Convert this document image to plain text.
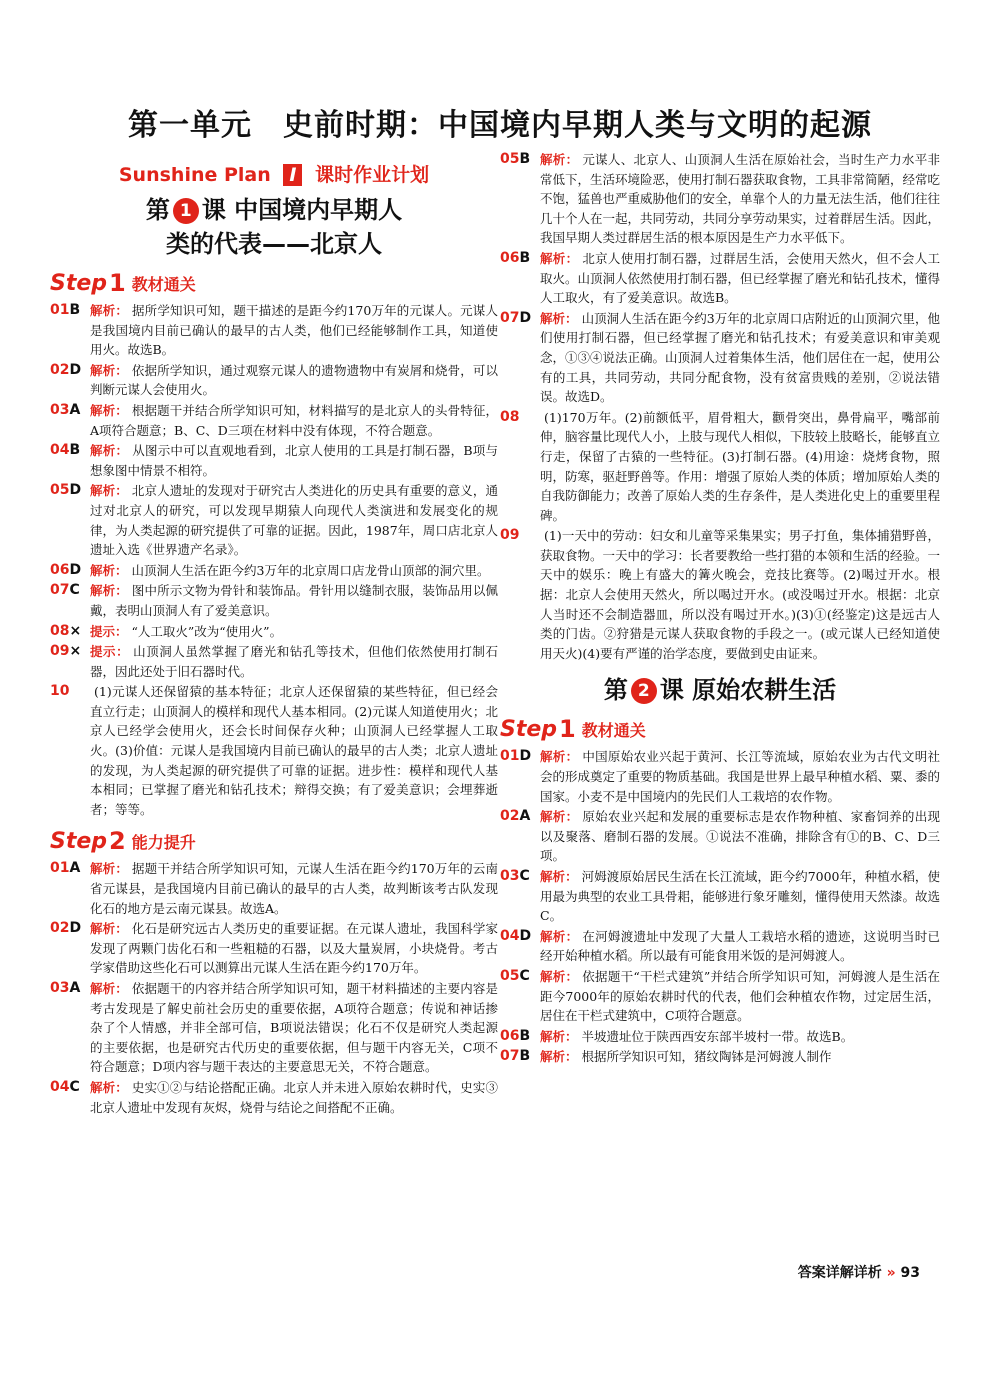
第一单元　史前时期：中国境内早期人类与文明的起源
Sunshine Plan I 课时作业计划
第 1 课 中国境内早期人
类的代表——北京人
Step 1 教材通关
01B 解析： 据所学知识可知，题干描述的是距今约170万年的元谋人。元谋人是我国境内目前已确认的最早的古人类，他们已经能够制作工具，知道使用火。故选B。
02D 解析： 依据所学知识，通过观察元谋人的遗物遗物中有炭屑和烧骨，可以判断元谋人会使用火。
03A 解析： 根据题干并结合所学知识可知，材料描写的是北京人的头骨特征，A项符合题意；B、C、D三项在材料中没有体现，不符合题意。
04B 解析： 从图示中可以直观地看到，北京人使用的工具是打制石器，B项与想象图中情景不相符。
05D 解析： 北京人遗址的发现对于研究古人类进化的历史具有重要的意义，通过对北京人的研究，可以发现早期猿人向现代人类演进和发展变化的规律，为人类起源的研究提供了可靠的证据。因此，1987年，周口店北京人遗址入选《世界遗产名录》。
06D 解析： 山顶洞人生活在距今约3万年的北京周口店龙骨山顶部的洞穴里。
07C 解析： 图中所示文物为骨针和装饰品。骨针用以缝制衣服，装饰品用以佩戴，表明山顶洞人有了爱美意识。
08× 提示： “人工取火”改为“使用火”。
09× 提示： 山顶洞人虽然掌握了磨光和钻孔等技术，但他们依然使用打制石器，因此还处于旧石器时代。
10	(1)元谋人还保留猿的基本特征；北京人还保留猿的某些特征，但已经会直立行走；山顶洞人的模样和现代人基本相同。(2)元谋人知道使用火；北京人已经学会使用火，还会长时间保存火种；山顶洞人已经掌握人工取火。(3)价值：元谋人是我国境内目前已确认的最早的古人类；北京人遗址的发现，为人类起源的研究提供了可靠的证据。进步性：模样和现代人基本相同；已掌握了磨光和钻孔技术；辩得交换；有了爱美意识；会埋葬逝者；等等。
Step 2 能力提升
01A 解析： 据题干并结合所学知识可知，元谋人生活在距今约170万年的云南省元谋县，是我国境内目前已确认的最早的古人类，故判断该考古队发现化石的地方是云南元谋县。故选A。
02D 解析： 化石是研究远古人类历史的重要证据。在元谋人遗址，我国科学家发现了两颗门齿化石和一些粗糙的石器，以及大量炭屑，小块烧骨。考古学家借助这些化石可以测算出元谋人生活在距今约170万年。
03A 解析： 依据题干的内容并结合所学知识可知，题干材料描述的主要内容是考古发现是了解史前社会历史的重要依据，A项符合题意；传说和神话掺杂了个人情感，并非全部可信，B项说法错误；化石不仅是研究人类起源的主要依据，也是研究古代历史的重要依据，但与题干内容无关，C项不符合题意；D项内容与题干表达的主要意思无关，不符合题意。
04C 解析： 史实①②与结论搭配正确。北京人并未进入原始农耕时代，史实③北京人遗址中发现有灰烬，烧骨与结论之间搭配不正确。
05B 解析： 元谋人、北京人、山顶洞人生活在原始社会，当时生产力水平非常低下，生活环境险恶，使用打制石器获取食物，工具非常简陋，经常吃不饱，猛兽也严重威胁他们的安全，单靠个人的力量无法生活，他们往往几十个人在一起，共同劳动，共同分享劳动果实，过着群居生活。因此，我国早期人类过群居生活的根本原因是生产力水平低下。
06B 解析： 北京人使用打制石器，过群居生活，会使用天然火，但不会人工取火。山顶洞人依然使用打制石器，但已经掌握了磨光和钻孔技术，懂得人工取火，有了爱美意识。故选B。
07D 解析： 山顶洞人生活在距今约3万年的北京周口店附近的山顶洞穴里，他们使用打制石器，但已经掌握了磨光和钻孔技术；有爱美意识和审美观念，①③④说法正确。山顶洞人过着集体生活，他们居住在一起，使用公有的工具，共同劳动，共同分配食物，没有贫富贵贱的差别，②说法错误。故选D。
08	(1)170万年。(2)前额低平，眉骨粗大，颧骨突出，鼻骨扁平，嘴部前伸，脑容量比现代人小，上肢与现代人相似，下肢较上肢略长，能够直立行走，保留了古猿的一些特征。(3)打制石器。(4)用途：烧烤食物，照明，防寒，驱赶野兽等。作用：增强了原始人类的体质；增加原始人类的自我防御能力；改善了原始人类的生存条件，是人类进化史上的重要里程碑。
09	(1)一天中的劳动：妇女和儿童等采集果实；男子打鱼，集体捕猎野兽，获取食物。一天中的学习：长者要教给一些打猎的本领和生活的经验。一天中的娱乐：晚上有盛大的篝火晚会，竞技比赛等。(2)喝过开水。根据：北京人会使用天然火，所以喝过开水。(或没喝过开水。根据：北京人当时还不会制造器皿，所以没有喝过开水。)(3)①(经鉴定)这是远古人类的门齿。②狩猎是元谋人获取食物的手段之一。(或元谋人已经知道使用天火)(4)要有严谨的治学态度，要做到史由证来。
第 2 课 原始农耕生活
Step 1 教材通关
01D 解析： 中国原始农业兴起于黄河、长江等流域，原始农业为古代文明社会的形成奠定了重要的物质基础。我国是世界上最早种植水稻、粟、黍的国家。小麦不是中国境内的先民们人工栽培的农作物。
02A 解析： 原始农业兴起和发展的重要标志是农作物种植、家畜饲养的出现以及聚落、磨制石器的发展。①说法不准确，排除含有①的B、C、D三项。
03C 解析： 河姆渡原始居民生活在长江流域，距今约7000年，种植水稻，使用最为典型的农业工具骨耜，能够进行象牙雕刻，懂得使用天然漆。故选C。
04D 解析： 在河姆渡遗址中发现了大量人工栽培水稻的遗迹，这说明当时已经开始种植水稻。所以最有可能食用米饭的是河姆渡人。
05C 解析： 依据题干“干栏式建筑”并结合所学知识可知，河姆渡人是生活在距今7000年的原始农耕时代的代表，他们会种植农作物，过定居生活，居住在干栏式建筑中，C项符合题意。
06B 解析： 半坡遗址位于陕西西安东部半坡村一带。故选B。
07B 解析： 根据所学知识可知，猪纹陶钵是河姆渡人制作
答案详解详析 » 93
